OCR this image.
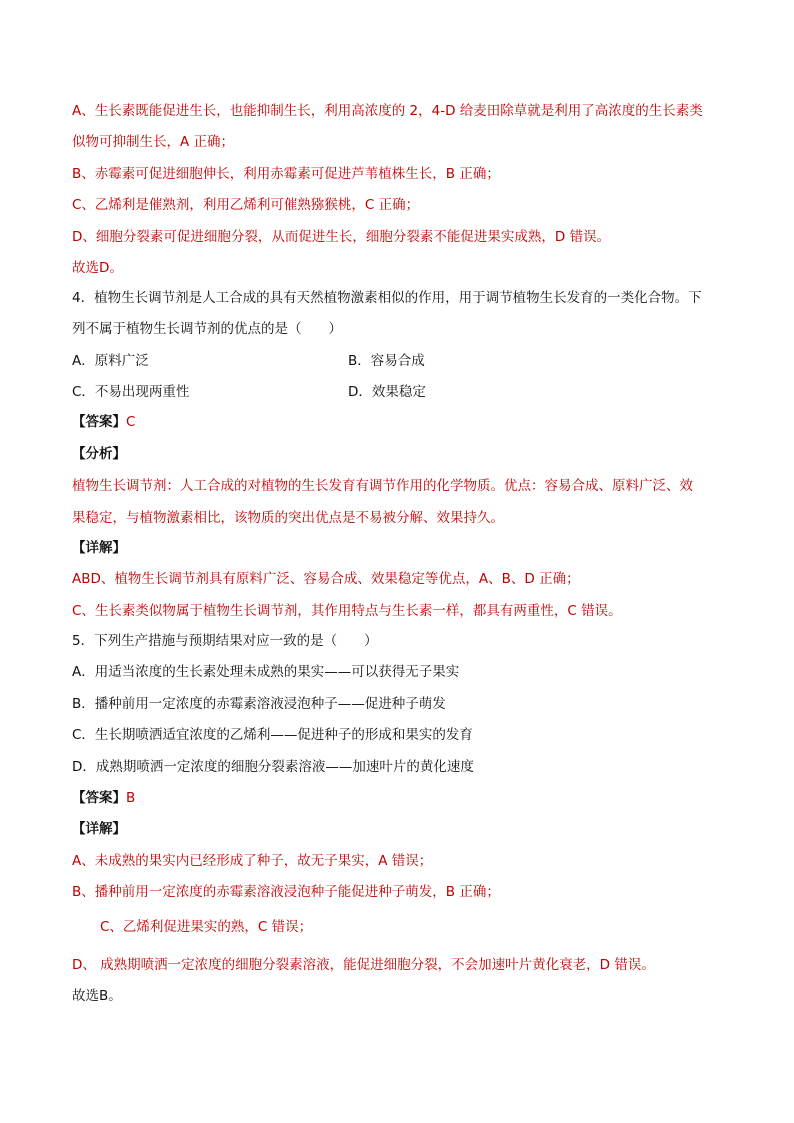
A、生长素既能促进生长，也能抑制生长，利用高浓度的 2，4-D 给麦田除草就是利用了高浓度的生长素类
似物可抑制生长，A 正确；
B、赤霉素可促进细胞伸长，利用赤霉素可促进芦苇植株生长，B 正确；
C、乙烯利是催熟剂，利用乙烯利可催熟猕猴桃，C 正确；
D、细胞分裂素可促进细胞分裂，从而促进生长，细胞分裂素不能促进果实成熟，D 错误。
故选D。
4．植物生长调节剂是人工合成的具有天然植物激素相似的作用，用于调节植物生长发育的一类化合物。下
列不属于植物生长调节剂的优点的是（　　）
A．原料广泛	B．容易合成
C．不易出现两重性	D．效果稳定
【答案】C
【分析】
植物生长调节剂：人工合成的对植物的生长发育有调节作用的化学物质。优点：容易合成、原料广泛、效
果稳定，与植物激素相比，该物质的突出优点是不易被分解、效果持久。
【详解】
ABD、植物生长调节剂具有原料广泛、容易合成、效果稳定等优点，A、B、D 正确；
C、生长素类似物属于植物生长调节剂，其作用特点与生长素一样，都具有两重性，C 错误。
5．下列生产措施与预期结果对应一致的是（　　）
A．用适当浓度的生长素处理未成熟的果实——可以获得无子果实
B．播种前用一定浓度的赤霉素溶液浸泡种子——促进种子萌发
C．生长期喷洒适宜浓度的乙烯利——促进种子的形成和果实的发育
D．成熟期喷洒一定浓度的细胞分裂素溶液——加速叶片的黄化速度
【答案】B
【详解】
A、未成熟的果实内已经形成了种子，故无子果实，A 错误；
B、播种前用一定浓度的赤霉素溶液浸泡种子能促进种子萌发，B 正确；
C、乙烯利促进果实的熟，C 错误；
D、 成熟期喷洒一定浓度的细胞分裂素溶液，能促进细胞分裂，不会加速叶片黄化衰老，D 错误。
故选B。
